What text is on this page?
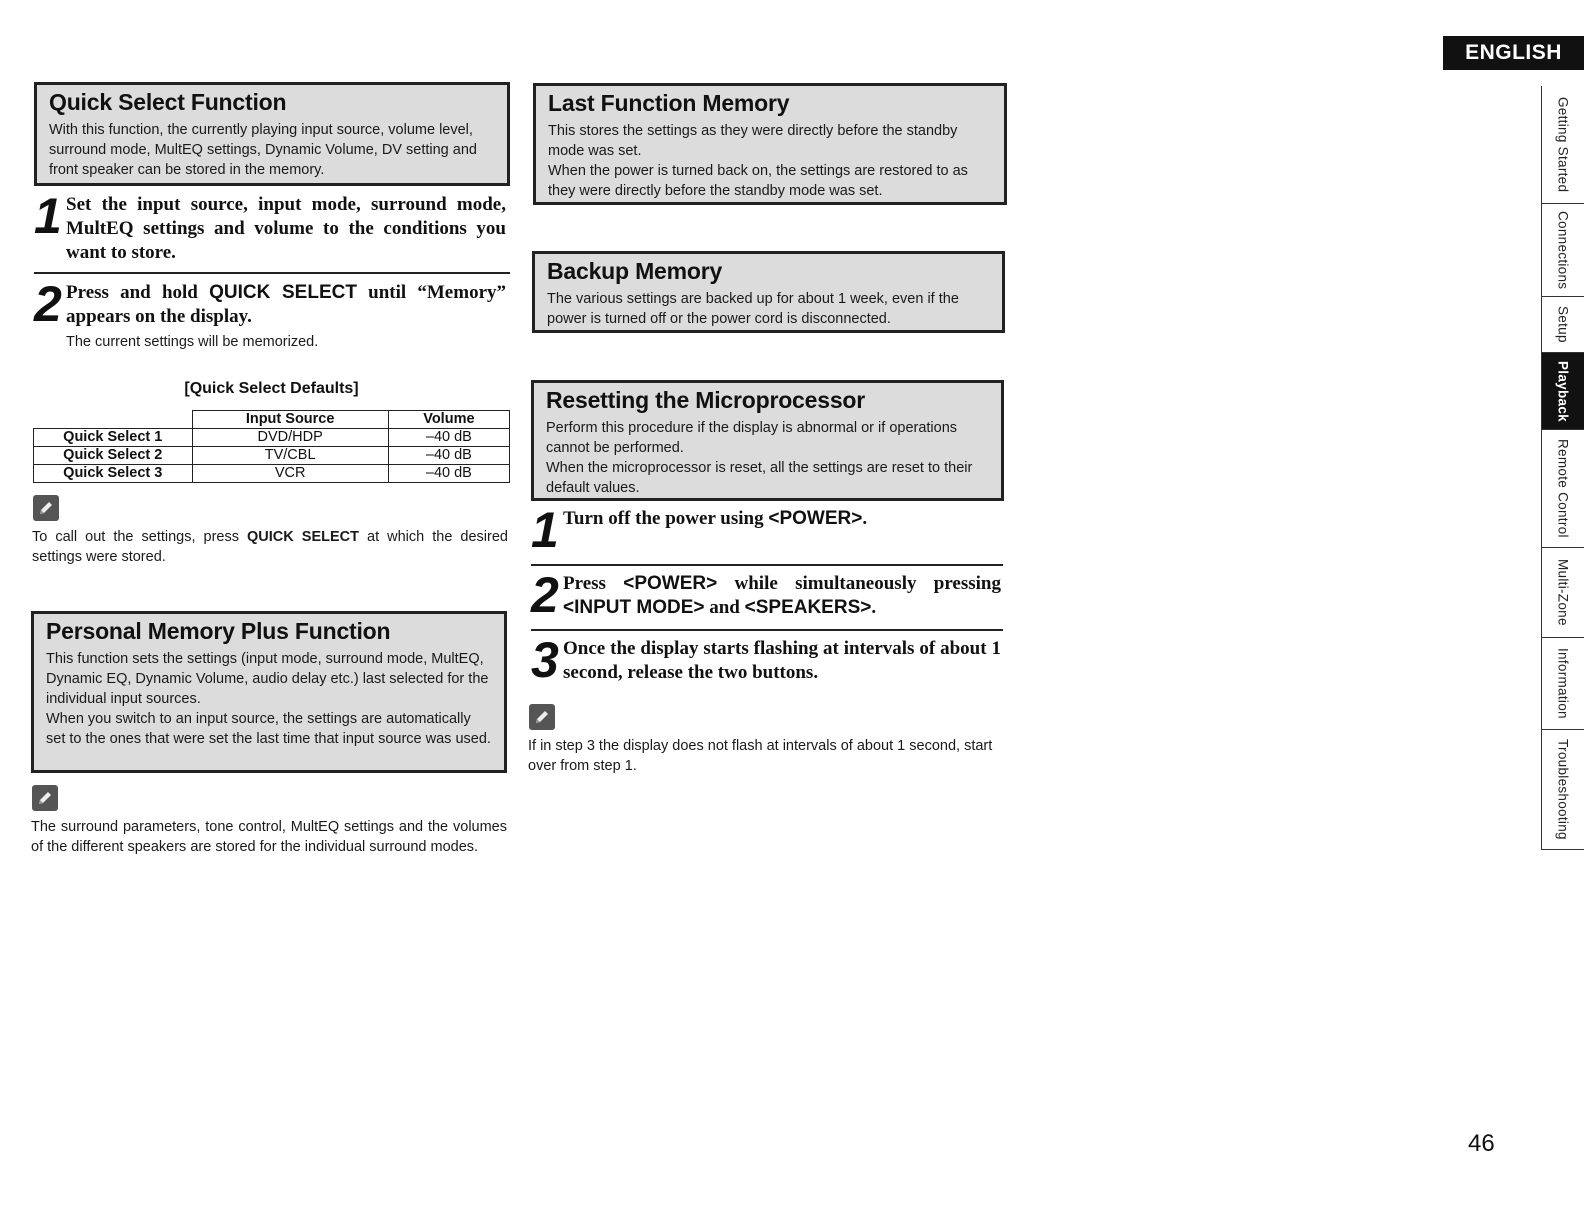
ENGLISH
Getting Started
Connections
Setup
Playback
Remote Control
Multi-Zone
Information
Troubleshooting
Quick Select Function

With this function, the currently playing input source, volume level, surround mode, MultEQ settings, Dynamic Volume, DV setting and front speaker can be stored in the memory.

1 Set the input source, input mode, surround mode, MultEQ settings and volume to the conditions you want to store.
2 Press and hold QUICK SELECT until “Memory” appears on the display.
The current settings will be memorized.
[Quick Select Defaults]
	Input Source	Volume
Quick Select 1	DVD/HDP	–40 dB
Quick Select 2	TV/CBL	–40 dB
Quick Select 3	VCR	–40 dB
To call out the settings, press QUICK SELECT at which the desired settings were stored.
Personal Memory Plus Function

This function sets the settings (input mode, surround mode, MultEQ, Dynamic EQ, Dynamic Volume, audio delay etc.) last selected for the individual input sources.

When you switch to an input source, the settings are automatically set to the ones that were set the last time that input source was used.

The surround parameters, tone control, MultEQ settings and the volumes of the different speakers are stored for the individual surround modes.
Last Function Memory

This stores the settings as they were directly before the standby mode was set.

When the power is turned back on, the settings are restored to as they were directly before the standby mode was set.

Backup Memory

The various settings are backed up for about 1 week, even if the power is turned off or the power cord is disconnected.

Resetting the Microprocessor

Perform this procedure if the display is abnormal or if operations cannot be performed.

When the microprocessor is reset, all the settings are reset to their default values.

1 Turn off the power using <POWER>.
2 Press <POWER> while simultaneously pressing <INPUT MODE> and <SPEAKERS>.
3 Once the display starts flashing at intervals of about 1 second, release the two buttons.
If in step 3 the display does not flash at intervals of about 1 second, start over from step 1.
46
